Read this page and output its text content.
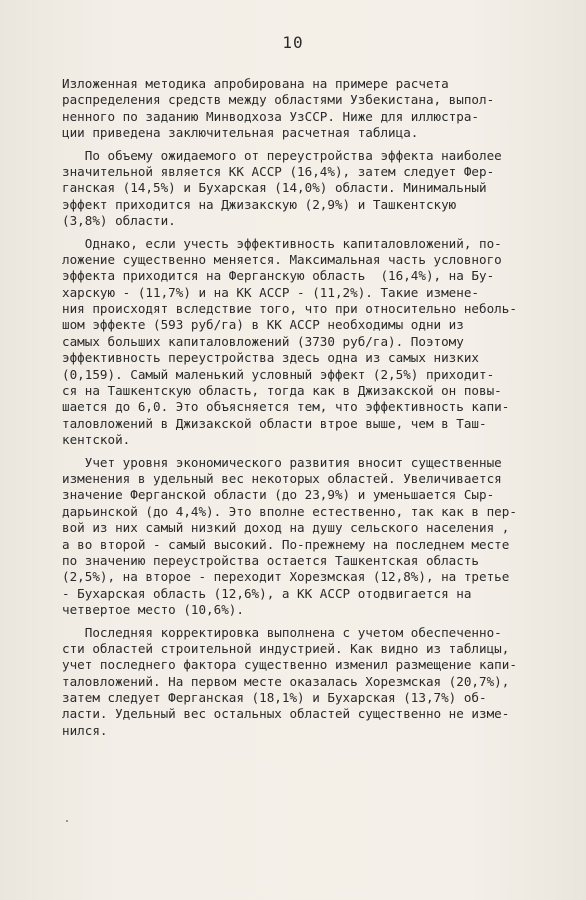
10
Изложенная методика апробирована на примере расчета
распределения средств между областями Узбекистана, выпол-
ненного по заданию Минводхоза УзССР. Ниже для иллюстра-
ции приведена заключительная расчетная таблица.
По объему ожидаемого от переустройства эффекта наиболее
значительной является КК АССР (16,4%), затем следует Фер-
ганская (14,5%) и Бухарская (14,0%) области. Минимальный
эффект приходится на Джизакскую (2,9%) и Ташкентскую
(3,8%) области.
Однако, если учесть эффективность капиталовложений, по-
ложение существенно меняется. Максимальная часть условного
эффекта приходится на Ферганскую область  (16,4%), на Бу-
харскую - (11,7%) и на КК АССР - (11,2%). Такие измене-
ния происходят вследствие того, что при относительно неболь-
шом эффекте (593 руб/га) в КК АССР необходимы одни из
самых больших капиталовложений (3730 руб/га). Поэтому
эффективность переустройства здесь одна из самых низких
(0,159). Самый маленький условный эффект (2,5%) приходит-
ся на Ташкентскую область, тогда как в Джизакской он повы-
шается до 6,0. Это объясняется тем, что эффективность капи-
таловложений в Джизакской области втрое выше, чем в Таш-
кентской.
Учет уровня экономического развития вносит существенные
изменения в удельный вес некоторых областей. Увеличивается
значение Ферганской области (до 23,9%) и уменьшается Сыр-
дарьинской (до 4,4%). Это вполне естественно, так как в пер-
вой из них самый низкий доход на душу сельского населения ,
а во второй - самый высокий. По-прежнему на последнем месте
по значению переустройства остается Ташкентская область
(2,5%), на второе - переходит Хорезмская (12,8%), на третье
- Бухарская область (12,6%), а КК АССР отодвигается на
четвертое место (10,6%).
Последняя корректировка выполнена с учетом обеспеченно-
сти областей строительной индустрией. Как видно из таблицы,
учет последнего фактора существенно изменил размещение капи-
таловложений. На первом месте оказалась Хорезмская (20,7%),
затем следует Ферганская (18,1%) и Бухарская (13,7%) об-
ласти. Удельный вес остальных областей существенно не изме-
нился.
